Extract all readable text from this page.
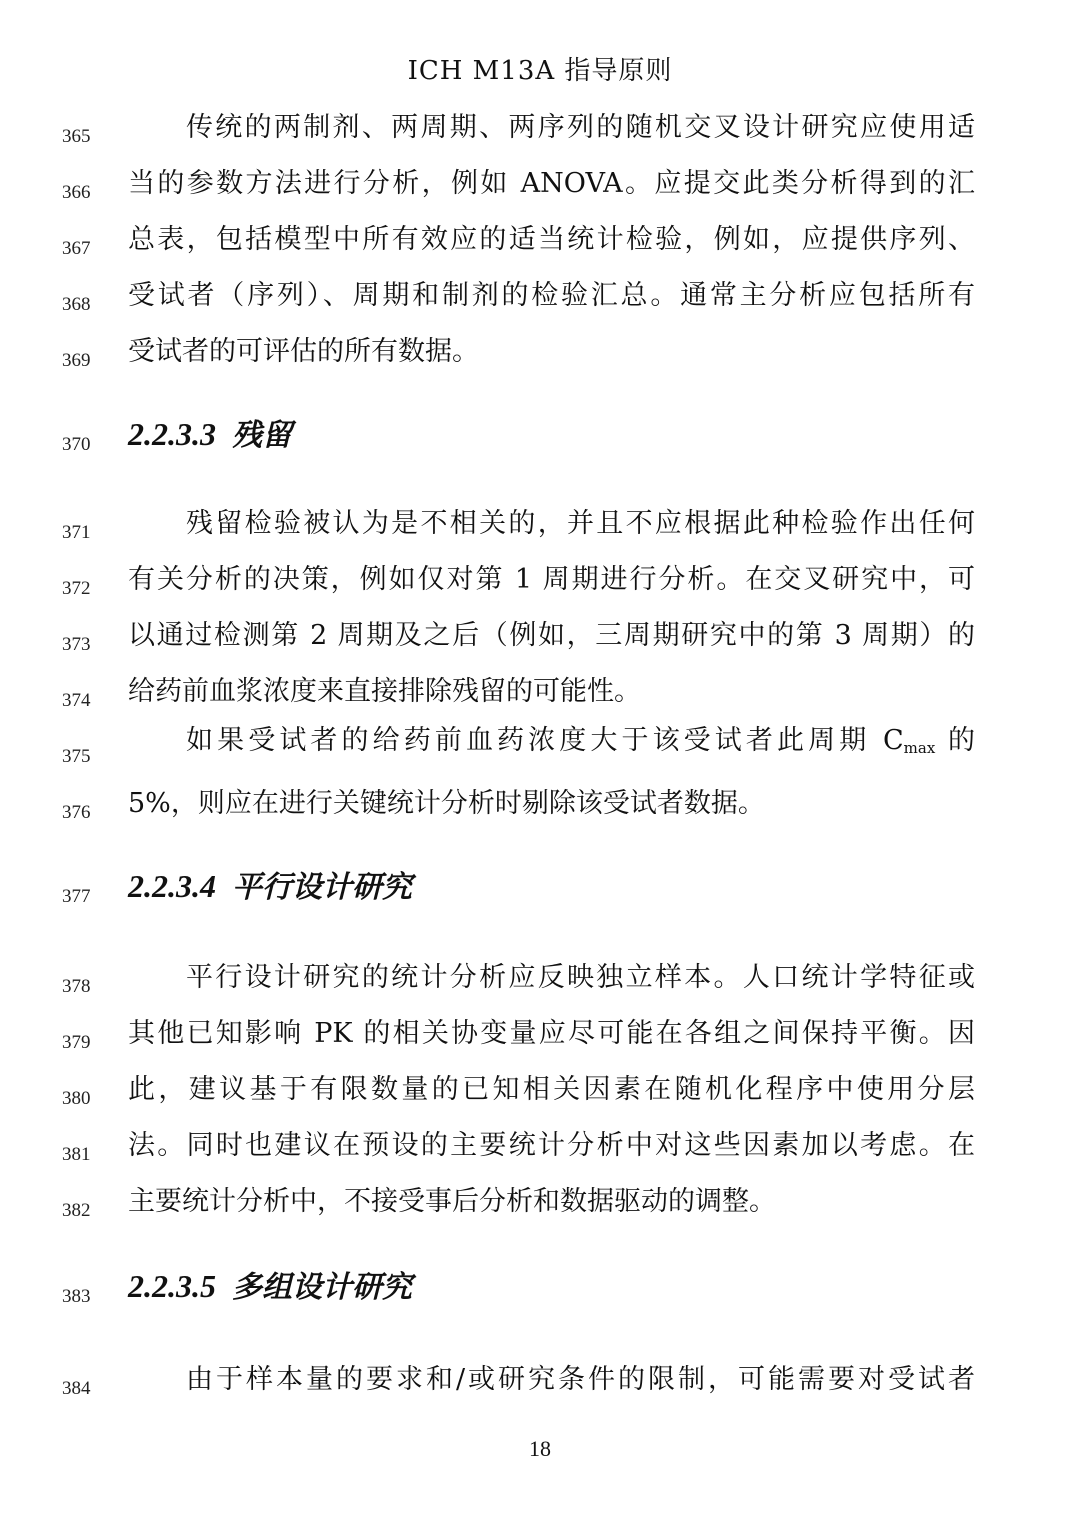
ICH M13A 指导原则
365	传统的两制剂、两周期、两序列的随机交叉设计研究应使用适
366 当的参数方法进行分析，例如 ANOVA。应提交此类分析得到的汇
367 总表，包括模型中所有效应的适当统计检验，例如，应提供序列、
368 受试者（序列）、周期和制剂的检验汇总。通常主分析应包括所有
369 受试者的可评估的所有数据。
370 2.2.3.3 残留
371	残留检验被认为是不相关的，并且不应根据此种检验作出任何
372 有关分析的决策，例如仅对第 1 周期进行分析。在交叉研究中，可
373 以通过检测第 2 周期及之后（例如，三周期研究中的第 3 周期）的
374 给药前血浆浓度来直接排除残留的可能性。
375
如果受试者的给药前血药浓度大于该受试者此周期 $C_{max}$ 的
376 5%，则应在进行关键统计分析时剔除该受试者数据。
377 2.2.3.4 平行设计研究
378	平行设计研究的统计分析应反映独立样本。人口统计学特征或
379 其他已知影响 PK 的相关协变量应尽可能在各组之间保持平衡。因
380 此，建议基于有限数量的已知相关因素在随机化程序中使用分层
381 法。同时也建议在预设的主要统计分析中对这些因素加以考虑。在
382 主要统计分析中，不接受事后分析和数据驱动的调整。
383 2.2.3.5 多组设计研究
384	由于样本量的要求和/或研究条件的限制，可能需要对受试者
18
